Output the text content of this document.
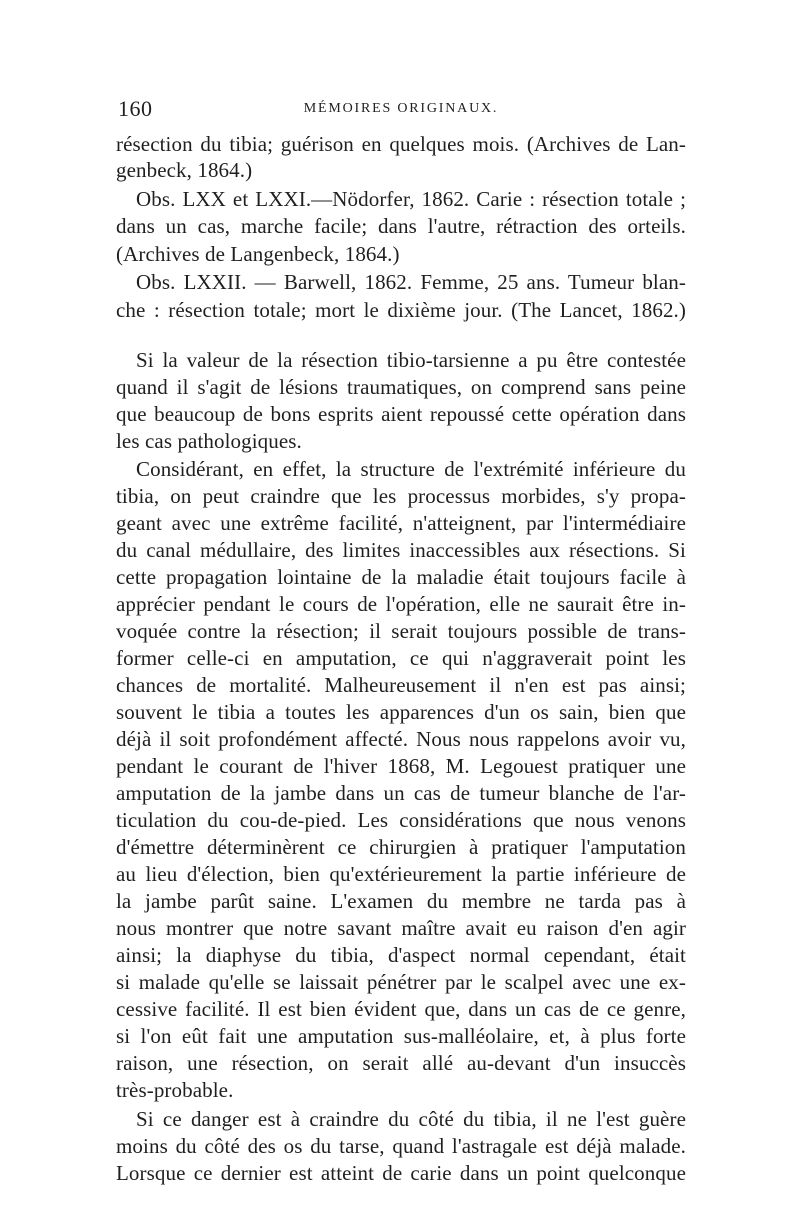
160	MÉMOIRES ORIGINAUX.
résection du tibia; guérison en quelques mois. (Archives de Lan-
genbeck, 1864.)
Obs. LXX et LXXI.—Nödorfer, 1862. Carie : résection totale ;
dans un cas, marche facile; dans l'autre, rétraction des orteils.
(Archives de Langenbeck, 1864.)
Obs. LXXII. — Barwell, 1862. Femme, 25 ans. Tumeur blan-
che : résection totale; mort le dixième jour. (The Lancet, 1862.)
Si la valeur de la résection tibio-tarsienne a pu être contestée
quand il s'agit de lésions traumatiques, on comprend sans peine
que beaucoup de bons esprits aient repoussé cette opération dans
les cas pathologiques.
Considérant, en effet, la structure de l'extrémité inférieure du
tibia, on peut craindre que les processus morbides, s'y propa-
geant avec une extrême facilité, n'atteignent, par l'intermédiaire
du canal médullaire, des limites inaccessibles aux résections. Si
cette propagation lointaine de la maladie était toujours facile à
apprécier pendant le cours de l'opération, elle ne saurait être in-
voquée contre la résection; il serait toujours possible de trans-
former celle-ci en amputation, ce qui n'aggraverait point les
chances de mortalité. Malheureusement il n'en est pas ainsi;
souvent le tibia a toutes les apparences d'un os sain, bien que
déjà il soit profondément affecté. Nous nous rappelons avoir vu,
pendant le courant de l'hiver 1868, M. Legouest pratiquer une
amputation de la jambe dans un cas de tumeur blanche de l'ar-
ticulation du cou-de-pied. Les considérations que nous venons
d'émettre déterminèrent ce chirurgien à pratiquer l'amputation
au lieu d'élection, bien qu'extérieurement la partie inférieure de
la jambe parût saine. L'examen du membre ne tarda pas à
nous montrer que notre savant maître avait eu raison d'en agir
ainsi; la diaphyse du tibia, d'aspect normal cependant, était
si malade qu'elle se laissait pénétrer par le scalpel avec une ex-
cessive facilité. Il est bien évident que, dans un cas de ce genre,
si l'on eût fait une amputation sus-malléolaire, et, à plus forte
raison, une résection, on serait allé au-devant d'un insuccès
très-probable.
Si ce danger est à craindre du côté du tibia, il ne l'est guère
moins du côté des os du tarse, quand l'astragale est déjà malade.
Lorsque ce dernier est atteint de carie dans un point quelconque
